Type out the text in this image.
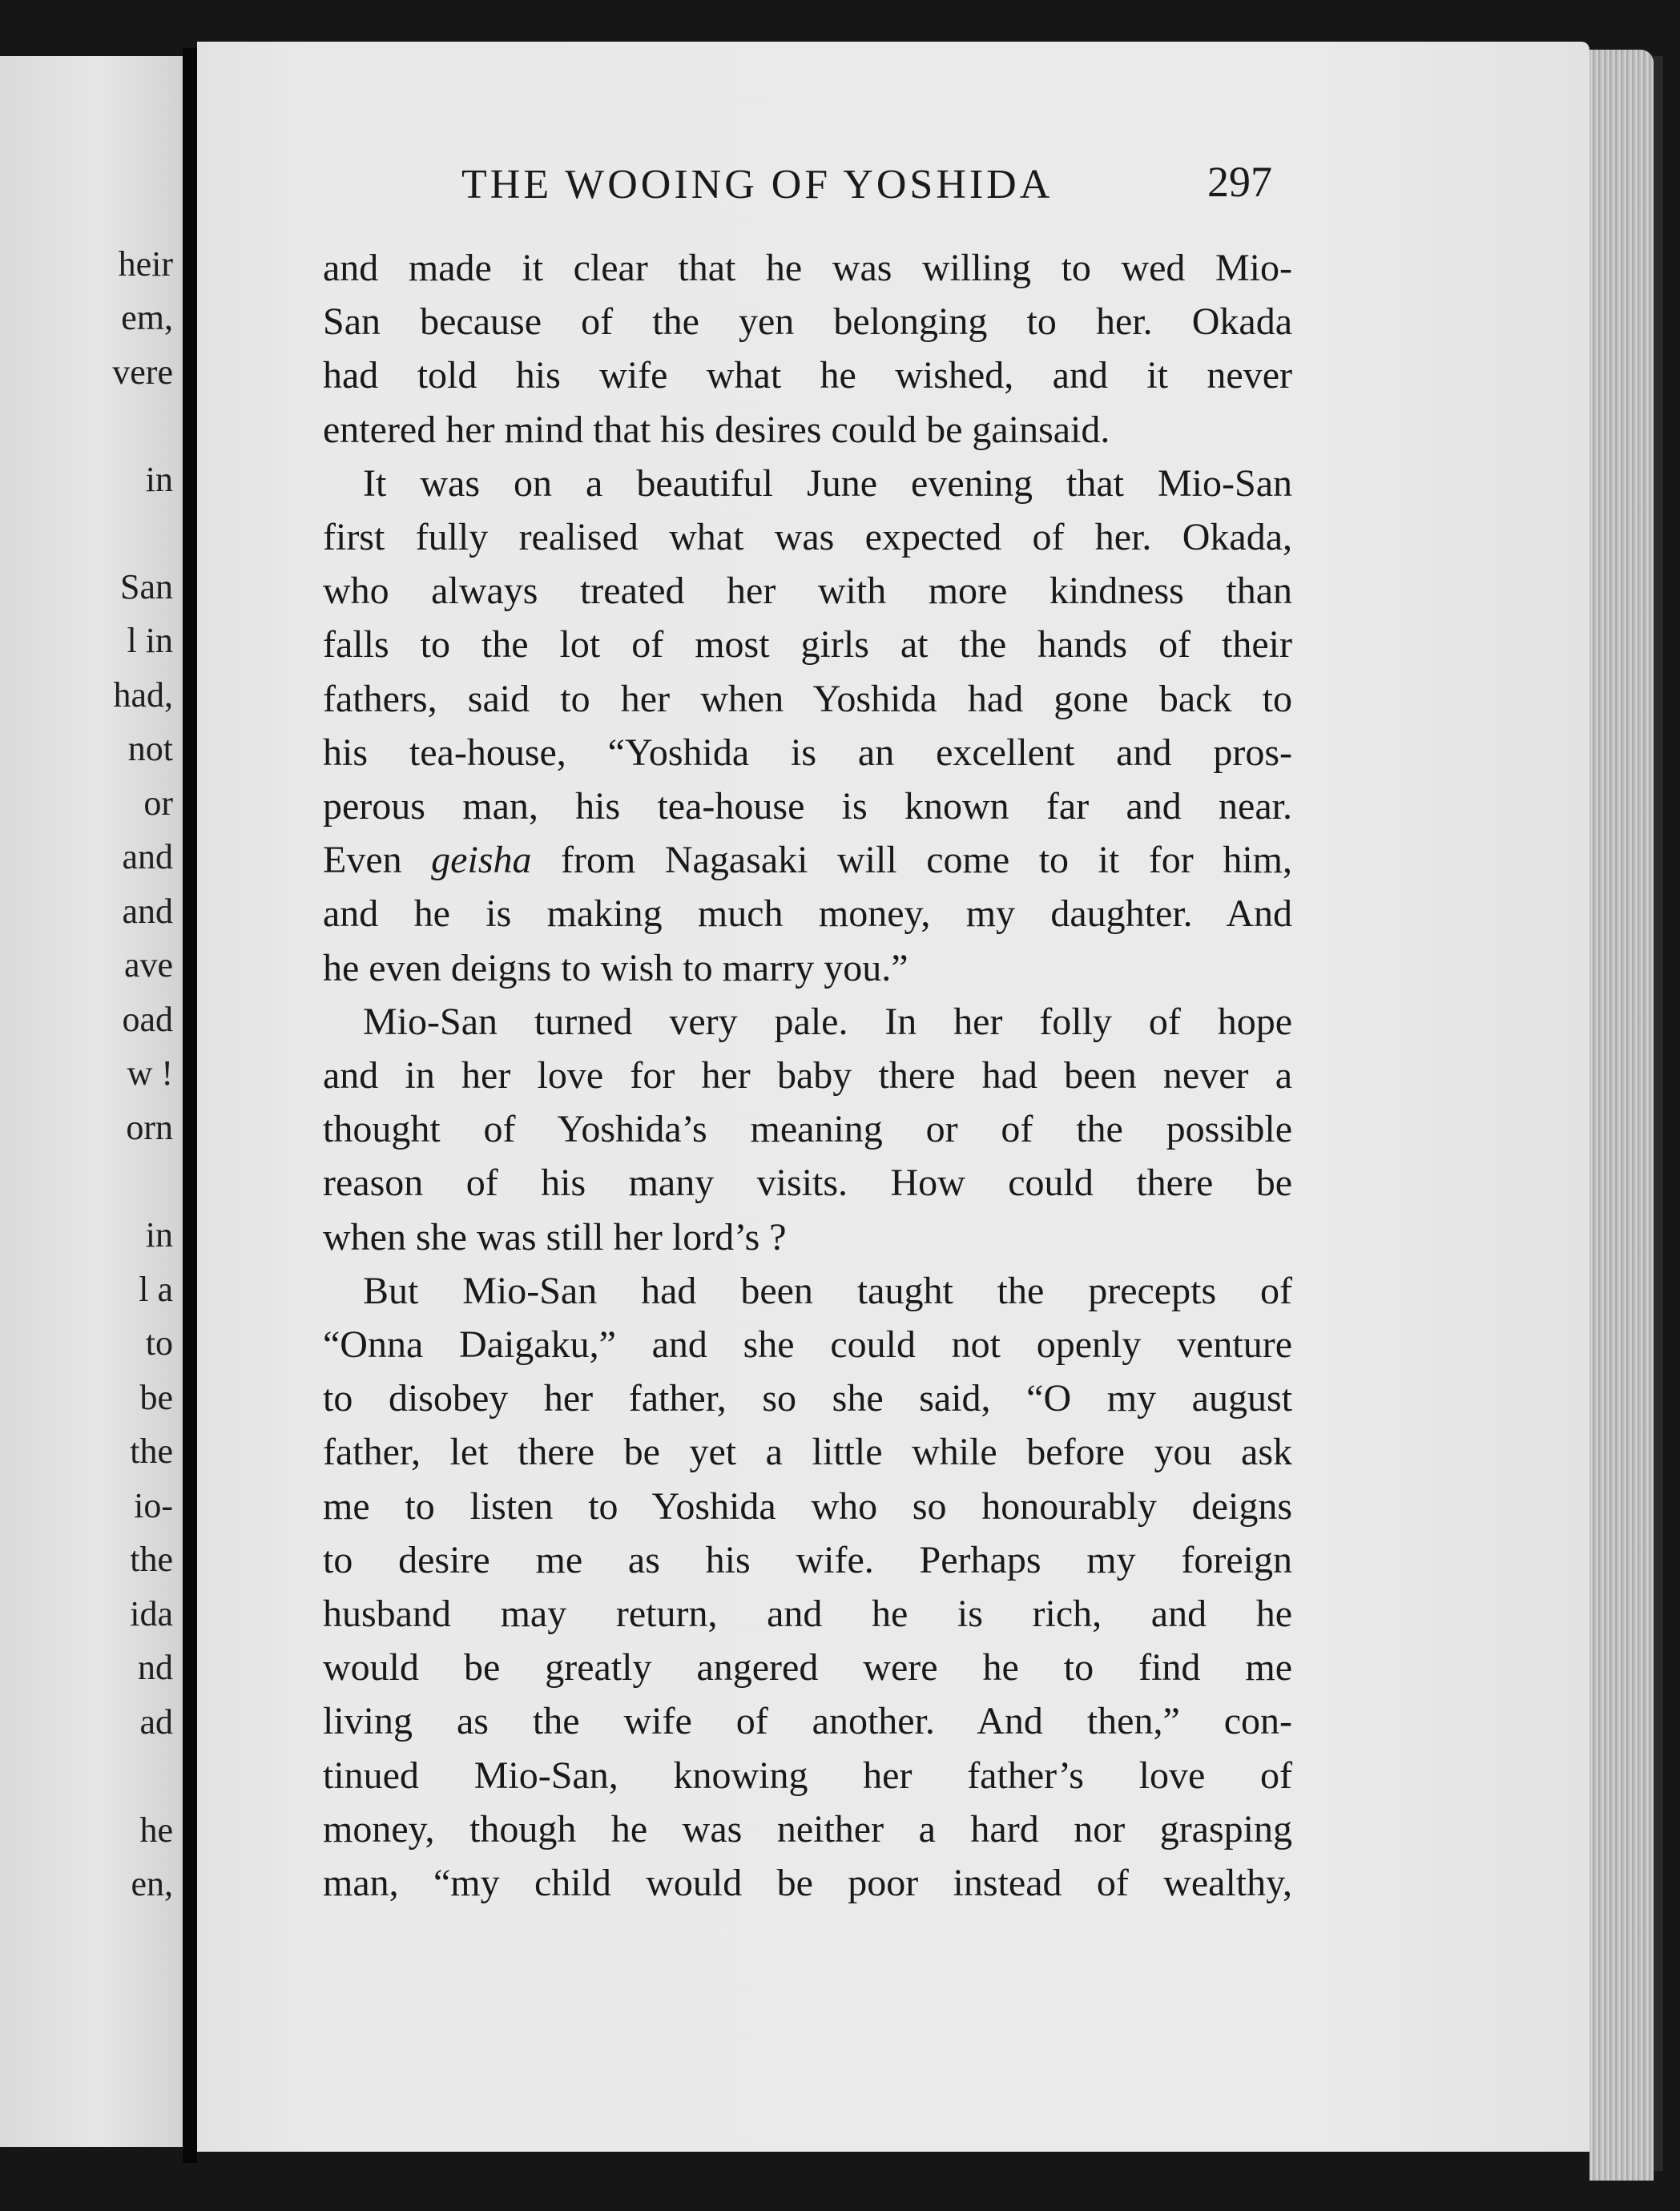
heir
em,
vere
in
San
l in
had,
not
or
and
and
ave
oad
w !
orn
in
l a
to
be
the
io-
the
ida
nd
ad
he
en,
THE WOOING OF YOSHIDA	297
and made it clear that he was willing to wed Mio-
San because of the yen belonging to her. Okada
had told his wife what he wished, and it never
entered her mind that his desires could be gainsaid.
It was on a beautiful June evening that Mio-San
first fully realised what was expected of her. Okada,
who always treated her with more kindness than
falls to the lot of most girls at the hands of their
fathers, said to her when Yoshida had gone back to
his tea-house, “Yoshida is an excellent and pros-
perous man, his tea-house is known far and near.
Even geisha from Nagasaki will come to it for him,
and he is making much money, my daughter. And
he even deigns to wish to marry you.”
Mio-San turned very pale. In her folly of hope
and in her love for her baby there had been never a
thought of Yoshida’s meaning or of the possible
reason of his many visits. How could there be
when she was still her lord’s ?
But Mio-San had been taught the precepts of
“Onna Daigaku,” and she could not openly venture
to disobey her father, so she said, “O my august
father, let there be yet a little while before you ask
me to listen to Yoshida who so honourably deigns
to desire me as his wife. Perhaps my foreign
husband may return, and he is rich, and he
would be greatly angered were he to find me
living as the wife of another. And then,” con-
tinued Mio-San, knowing her father’s love of
money, though he was neither a hard nor grasping
man, “my child would be poor instead of wealthy,
